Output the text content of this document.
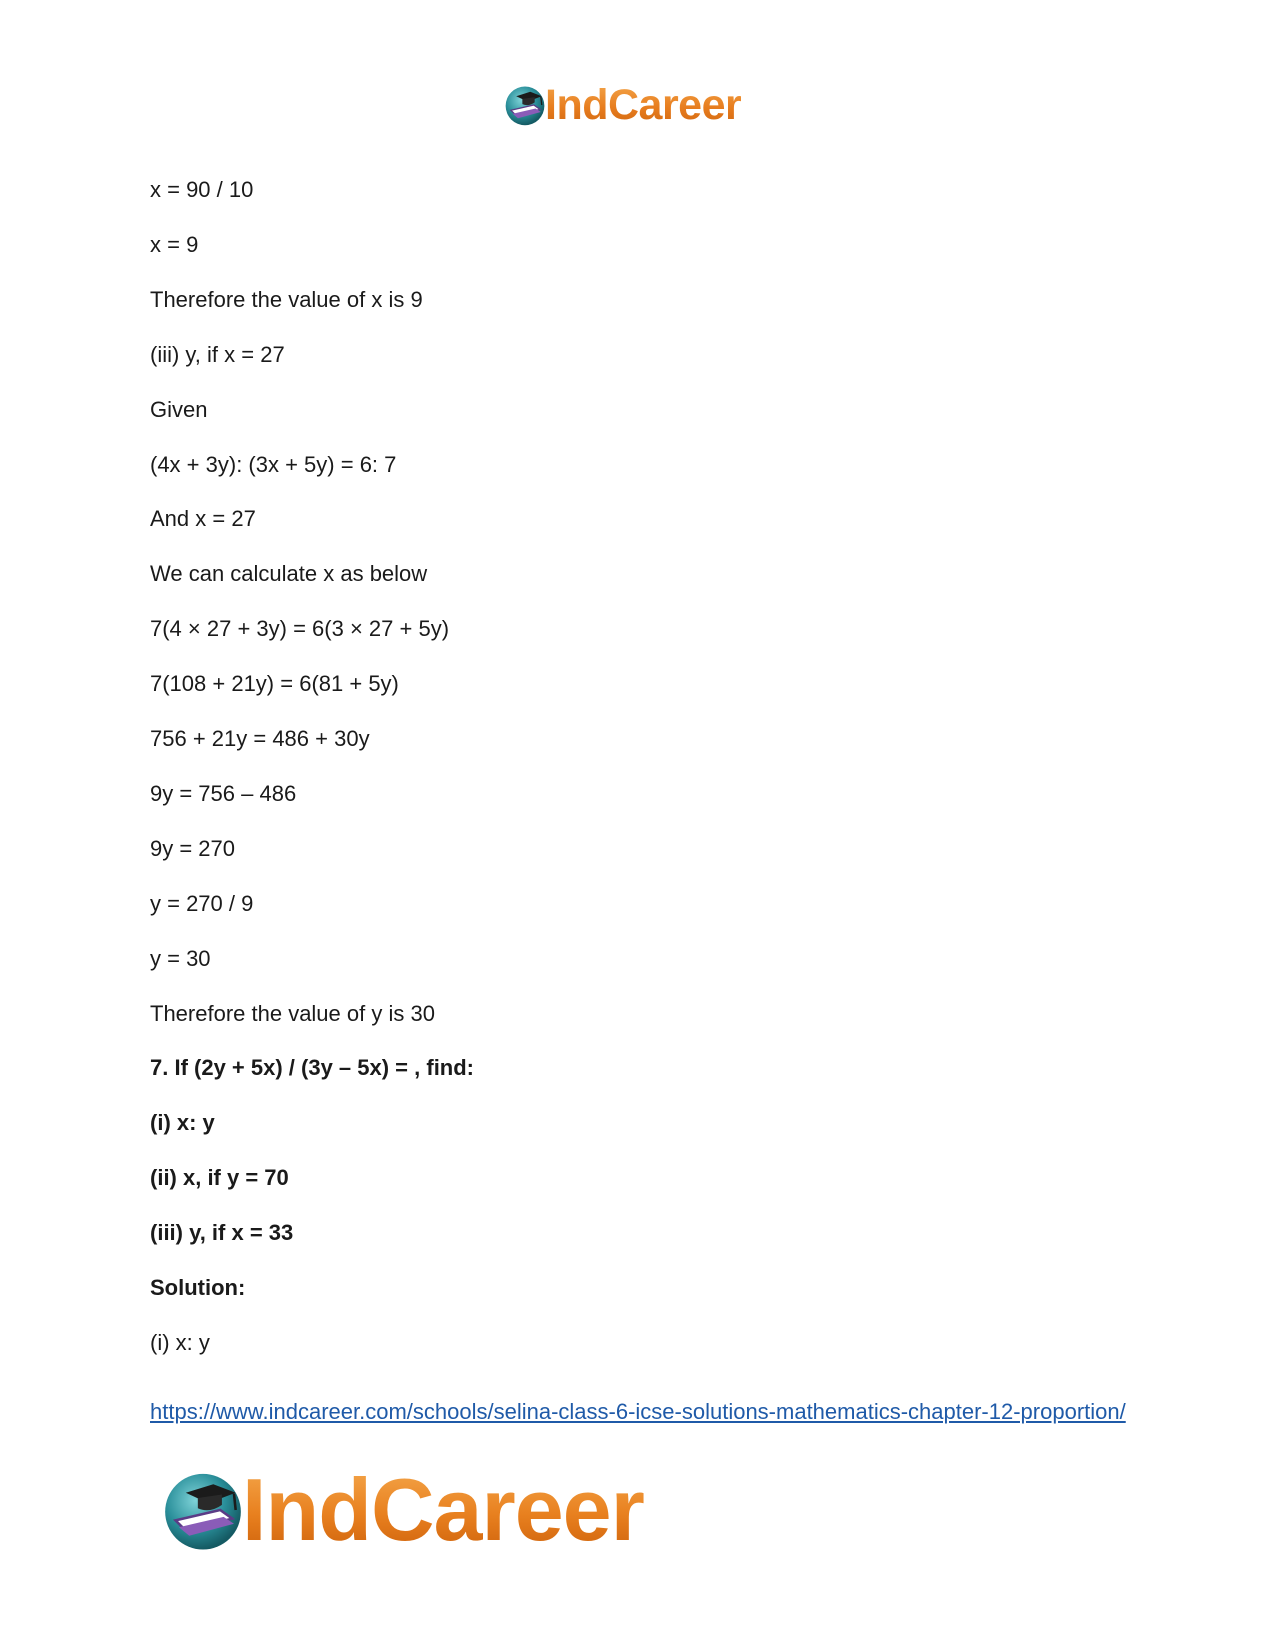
IndCareer
x = 90 / 10
x = 9
Therefore the value of x is 9
(iii) y, if x = 27
Given
(4x + 3y): (3x + 5y) = 6: 7
And x = 27
We can calculate x as below
7(4 × 27 + 3y) = 6(3 × 27 + 5y)
7(108 + 21y) = 6(81 + 5y)
756 + 21y = 486 + 30y
9y = 756 – 486
9y = 270
y = 270 / 9
y = 30
Therefore the value of y is 30
7. If (2y + 5x) / (3y – 5x) = , find:
(i) x: y
(ii) x, if y = 70
(iii) y, if x = 33
Solution:
(i) x: y
https://www.indcareer.com/schools/selina-class-6-icse-solutions-mathematics-chapter-12-proportion/
IndCareer
